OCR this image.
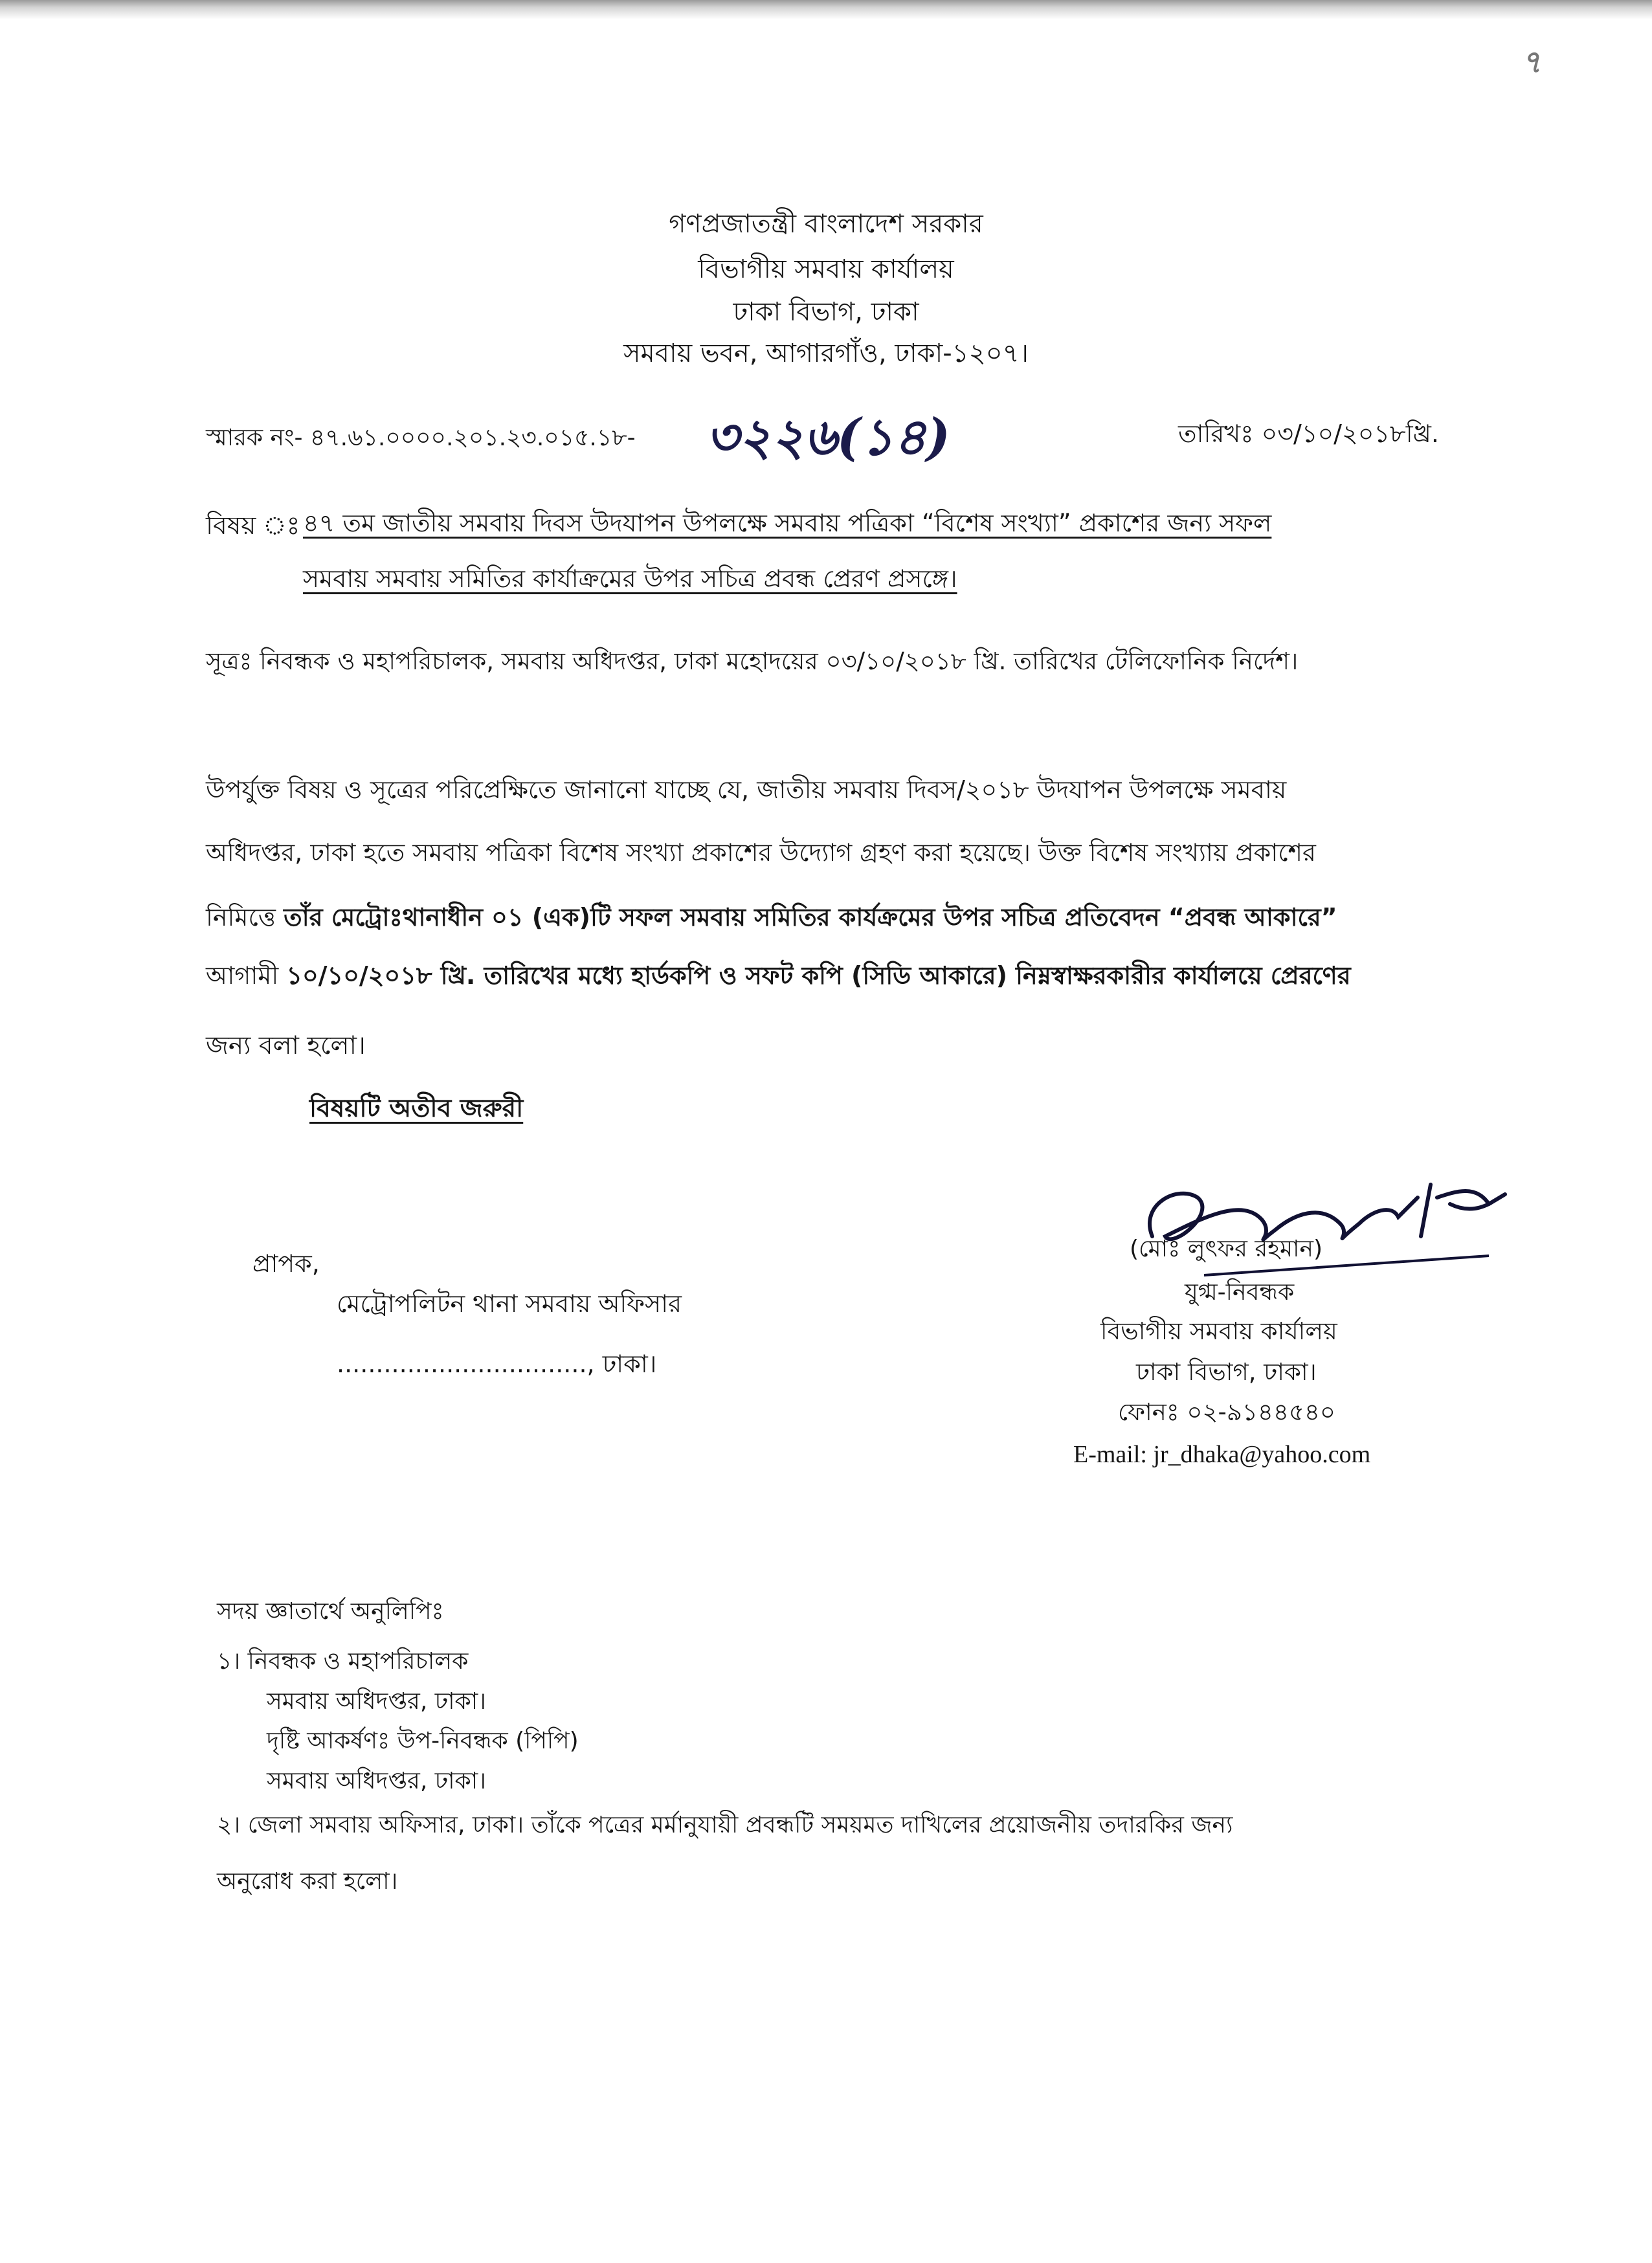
৭
গণপ্রজাতন্ত্রী বাংলাদেশ সরকার
বিভাগীয় সমবায় কার্যালয়
ঢাকা বিভাগ, ঢাকা
সমবায় ভবন, আগারগাঁও, ঢাকা-১২০৭।
স্মারক নং- ৪৭.৬১.০০০০.২০১.২৩.০১৫.১৮- ৩২২৬(১৪)	তারিখঃ ০৩/১০/২০১৮খ্রি.
বিষয় ঃ ৪৭ তম জাতীয় সমবায় দিবস উদযাপন উপলক্ষে সমবায় পত্রিকা “বিশেষ সংখ্যা” প্রকাশের জন্য সফল
সমবায় সমবায় সমিতির কার্যাক্রমের উপর সচিত্র প্রবন্ধ প্রেরণ প্রসঙ্গে।
সূত্রঃ নিবন্ধক ও মহাপরিচালক, সমবায় অধিদপ্তর, ঢাকা মহোদয়ের ০৩/১০/২০১৮ খ্রি. তারিখের টেলিফোনিক নির্দেশ।
উপর্যুক্ত বিষয় ও সূত্রের পরিপ্রেক্ষিতে জানানো যাচ্ছে যে, জাতীয় সমবায় দিবস/২০১৮ উদযাপন উপলক্ষে সমবায়
অধিদপ্তর, ঢাকা হতে সমবায় পত্রিকা বিশেষ সংখ্যা প্রকাশের উদ্যোগ গ্রহণ করা হয়েছে। উক্ত বিশেষ সংখ্যায় প্রকাশের
নিমিত্তে তাঁর মেট্রোঃথানাধীন ০১ (এক)টি সফল সমবায় সমিতির কার্যক্রমের উপর সচিত্র প্রতিবেদন “প্রবন্ধ আকারে”
আগামী ১০/১০/২০১৮ খ্রি. তারিখের মধ্যে হার্ডকপি ও সফট কপি (সিডি আকারে) নিম্নস্বাক্ষরকারীর কার্যালয়ে প্রেরণের
জন্য বলা হলো।
বিষয়টি অতীব জরুরী
(মোঃ লুৎফর রহমান)
যুগ্ম-নিবন্ধক
বিভাগীয় সমবায় কার্যালয়
ঢাকা বিভাগ, ঢাকা।
ফোনঃ ০২-৯১৪৪৫৪০
E-mail: jr_dhaka@yahoo.com
প্রাপক,
মেট্রোপলিটন থানা সমবায় অফিসার
................................, ঢাকা।
সদয় জ্ঞাতার্থে অনুলিপিঃ
১। নিবন্ধক ও মহাপরিচালক
সমবায় অধিদপ্তর, ঢাকা।
দৃষ্টি আকর্ষণঃ উপ-নিবন্ধক (পিপি)
সমবায় অধিদপ্তর, ঢাকা।
২। জেলা সমবায় অফিসার, ঢাকা। তাঁকে পত্রের মর্মানুযায়ী প্রবন্ধটি সময়মত দাখিলের প্রয়োজনীয় তদারকির জন্য
অনুরোধ করা হলো।
